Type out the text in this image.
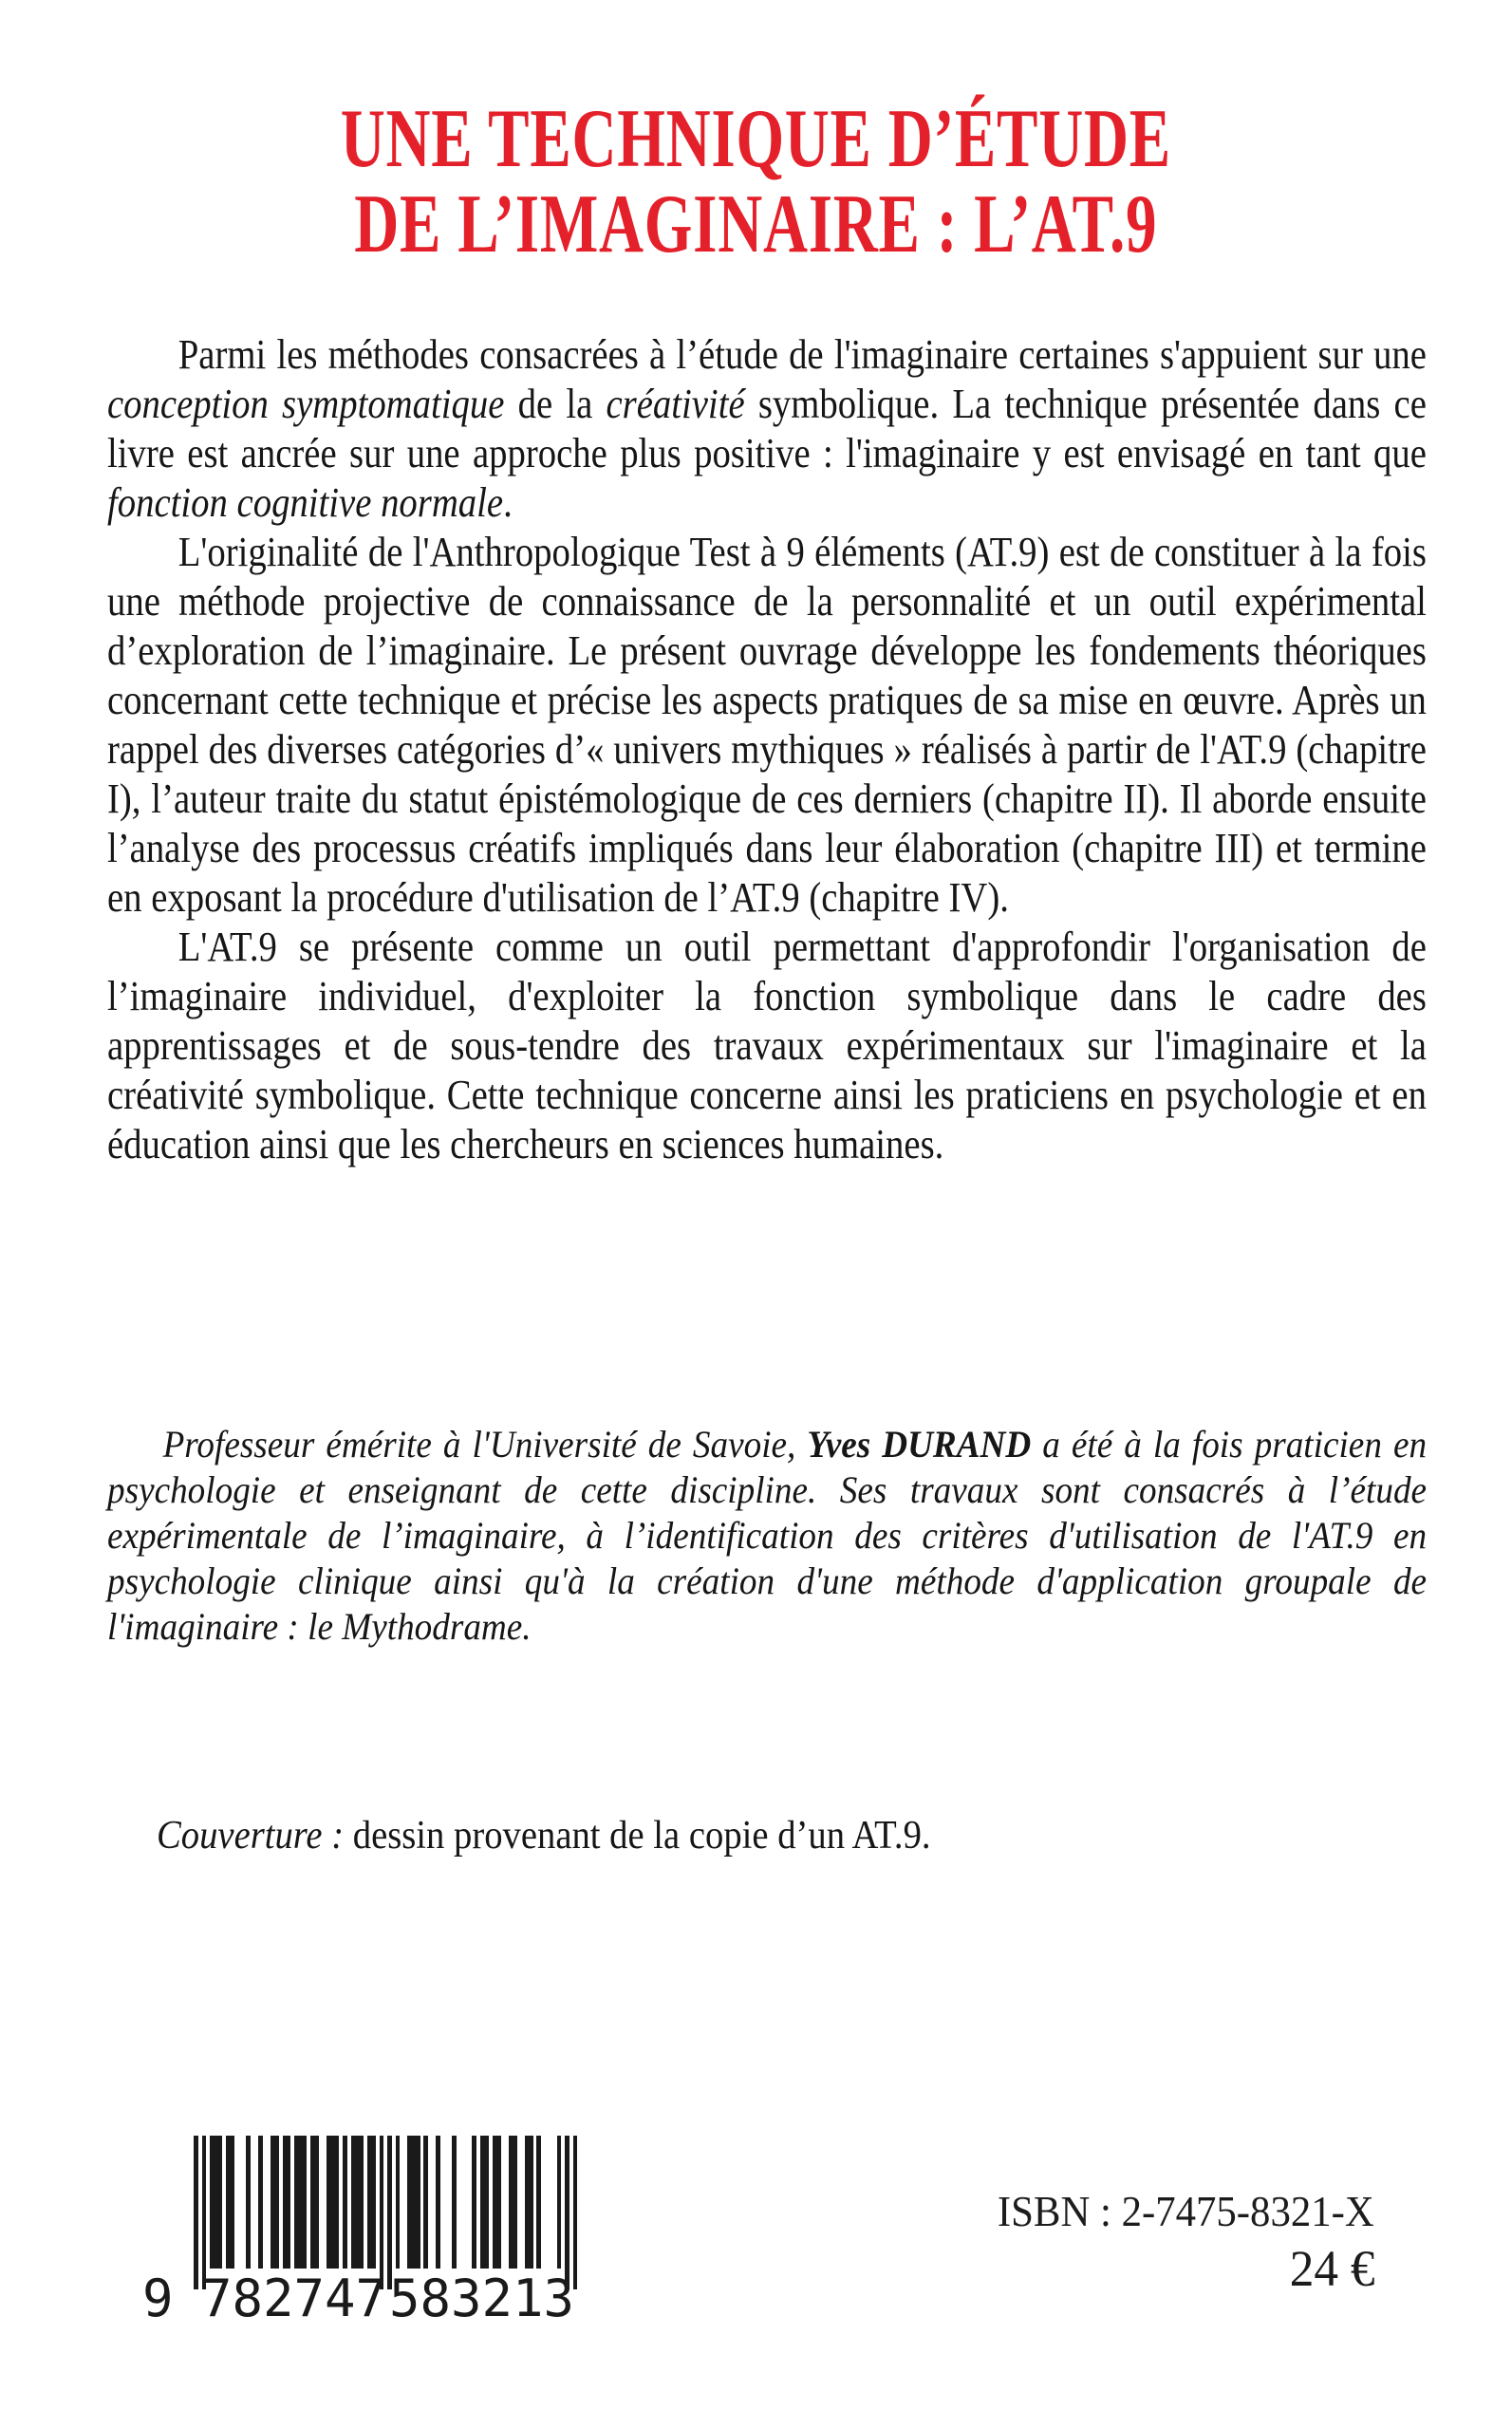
UNE TECHNIQUE D’ÉTUDE
DE L’IMAGINAIRE : L’AT.9

Parmi les méthodes consacrées à l’étude de l'imaginaire certaines s'appuient sur une conception symptomatique de la créativité symbolique. La technique présentée dans ce livre est ancrée sur une approche plus positive : l'imaginaire y est envisagé en tant que fonction cognitive normale.

L'originalité de l'Anthropologique Test à 9 éléments (AT.9) est de constituer à la fois une méthode projective de connaissance de la personnalité et un outil expérimental d’exploration de l’imaginaire. Le présent ouvrage développe les fondements théoriques concernant cette technique et précise les aspects pratiques de sa mise en œuvre. Après un rappel des diverses catégories d’« univers mythiques » réalisés à partir de l'AT.9 (chapitre I), l’auteur traite du statut épistémologique de ces derniers (chapitre II). Il aborde ensuite l’analyse des processus créatifs impliqués dans leur élaboration (chapitre III) et termine en exposant la procédure d'utilisation de l’AT.9 (chapitre IV).

L'AT.9 se présente comme un outil permettant d'approfondir l'organisation de l’imaginaire individuel, d'exploiter la fonction symbolique dans le cadre des apprentissages et de sous-tendre des travaux expérimentaux sur l'imaginaire et la créativité symbolique. Cette technique concerne ainsi les praticiens en psychologie et en éducation ainsi que les chercheurs en sciences humaines.

Professeur émérite à l'Université de Savoie, Yves DURAND a été à la fois praticien en psychologie et enseignant de cette discipline. Ses travaux sont consacrés à l’étude expérimentale de l’imaginaire, à l’identification des critères d'utilisation de l'AT.9 en psychologie clinique ainsi qu'à la création d'une méthode d'application groupale de l'imaginaire : le Mythodrame.
Couverture : dessin provenant de la copie d’un AT.9.
9 782747 583213
ISBN : 2-7475-8321-X
24 €
